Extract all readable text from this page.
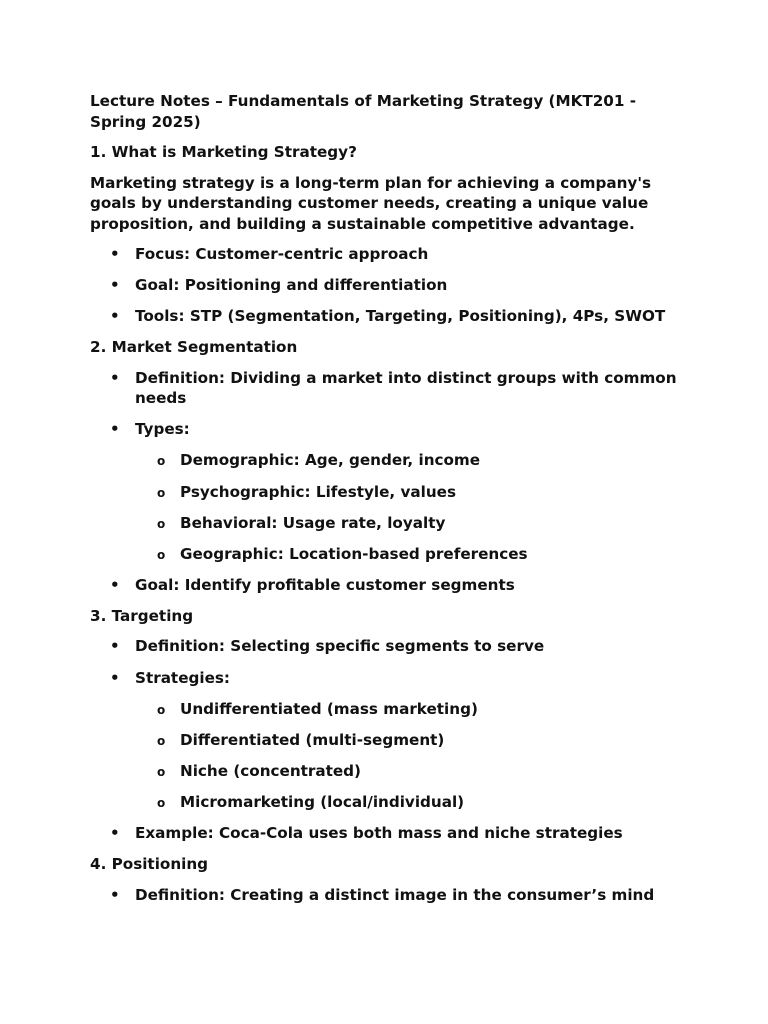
Lecture Notes – Fundamentals of Marketing Strategy (MKT201 - Spring 2025)

1. What is Marketing Strategy?

Marketing strategy is a long-term plan for achieving a company's goals by understanding customer needs, creating a unique value proposition, and building a sustainable competitive advantage.

• Focus: Customer-centric approach
• Goal: Positioning and differentiation
• Tools: STP (Segmentation, Targeting, Positioning), 4Ps, SWOT

2. Market Segmentation

• Definition: Dividing a market into distinct groups with common needs
• Types:
o Demographic: Age, gender, income
o Psychographic: Lifestyle, values
o Behavioral: Usage rate, loyalty
o Geographic: Location-based preferences
• Goal: Identify profitable customer segments

3. Targeting

• Definition: Selecting specific segments to serve
• Strategies:
o Undifferentiated (mass marketing)
o Differentiated (multi-segment)
o Niche (concentrated)
o Micromarketing (local/individual)
• Example: Coca-Cola uses both mass and niche strategies

4. Positioning

• Definition: Creating a distinct image in the consumer’s mind
